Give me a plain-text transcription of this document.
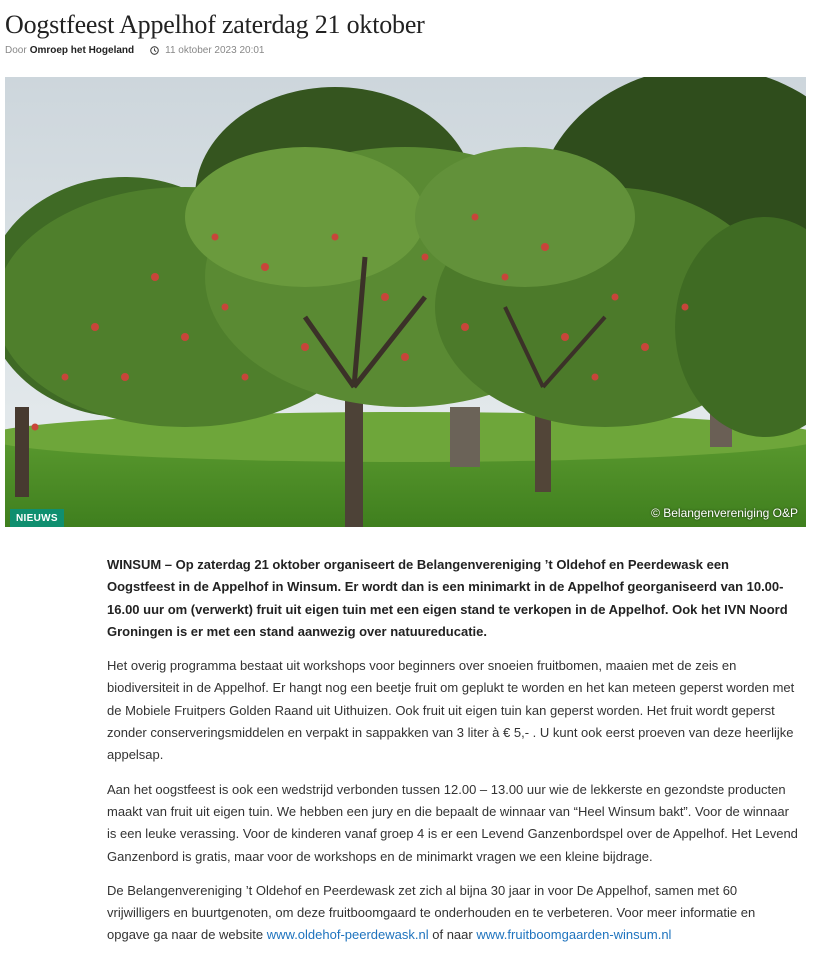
Oogstfeest Appelhof zaterdag 21 oktober
Door Omroep het Hogeland	11 oktober 2023 20:01
NIEUWS	© Belangenvereniging O&P

WINSUM – Op zaterdag 21 oktober organiseert de Belangenvereniging ’t Oldehof en Peerdewask een Oogstfeest in de Appelhof in Winsum. Er wordt dan is een minimarkt in de Appelhof georganiseerd van 10.00-16.00 uur om (verwerkt) fruit uit eigen tuin met een eigen stand te verkopen in de Appelhof. Ook het IVN Noord Groningen is er met een stand aanwezig over natuureducatie.

Het overig programma bestaat uit workshops voor beginners over snoeien fruitbomen, maaien met de zeis en biodiversiteit in de Appelhof. Er hangt nog een beetje fruit om geplukt te worden en het kan meteen geperst worden met de Mobiele Fruitpers Golden Raand uit Uithuizen. Ook fruit uit eigen tuin kan geperst worden. Het fruit wordt geperst zonder conserveringsmiddelen en verpakt in sappakken van 3 liter à € 5,- . U kunt ook eerst proeven van deze heerlijke appelsap.

Aan het oogstfeest is ook een wedstrijd verbonden tussen 12.00 – 13.00 uur wie de lekkerste en gezondste producten maakt van fruit uit eigen tuin. We hebben een jury en die bepaalt de winnaar van “Heel Winsum bakt”. Voor de winnaar is een leuke verassing. Voor de kinderen vanaf groep 4 is er een Levend Ganzenbordspel over de Appelhof. Het Levend Ganzenbord is gratis, maar voor de workshops en de minimarkt vragen we een kleine bijdrage.

De Belangenvereniging ’t Oldehof en Peerdewask zet zich al bijna 30 jaar in voor De Appelhof, samen met 60 vrijwilligers en buurtgenoten, om deze fruitboomgaard te onderhouden en te verbeteren. Voor meer informatie en opgave ga naar de website www.oldehof-peerdewask.nl of naar www.fruitboomgaarden-winsum.nl
